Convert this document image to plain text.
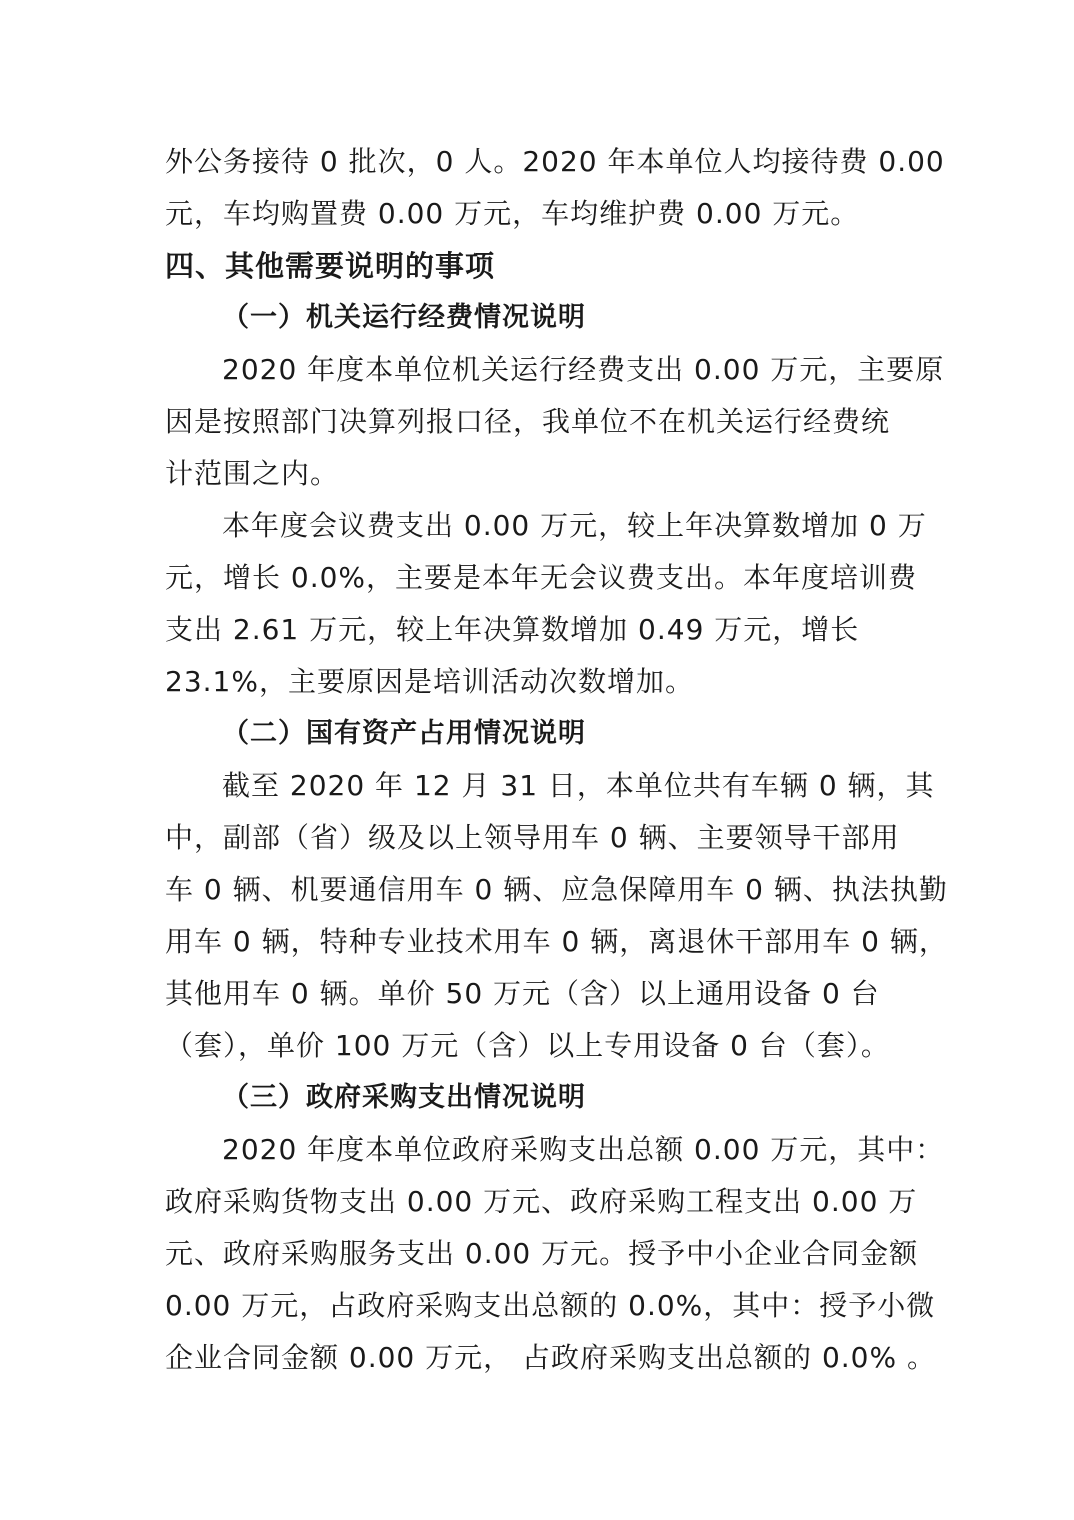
外公务接待 0 批次，0 人。2020 年本单位人均接待费 0.00
元，车均购置费 0.00 万元，车均维护费 0.00 万元。
四、其他需要说明的事项
（一）机关运行经费情况说明
2020 年度本单位机关运行经费支出 0.00 万元，主要原
因是按照部门决算列报口径，我单位不在机关运行经费统
计范围之内。
本年度会议费支出 0.00 万元，较上年决算数增加 0 万
元，增长 0.0%，主要是本年无会议费支出。本年度培训费
支出 2.61 万元，较上年决算数增加 0.49 万元，增长
23.1%，主要原因是培训活动次数增加。
（二）国有资产占用情况说明
截至 2020 年 12 月 31 日，本单位共有车辆 0 辆，其
中，副部（省）级及以上领导用车 0 辆、主要领导干部用
车 0 辆、机要通信用车 0 辆、应急保障用车 0 辆、执法执勤
用车 0 辆，特种专业技术用车 0 辆，离退休干部用车 0 辆，
其他用车 0 辆。单价 50 万元（含）以上通用设备 0 台
（套），单价 100 万元（含）以上专用设备 0 台（套）。
（三）政府采购支出情况说明
2020 年度本单位政府采购支出总额 0.00 万元，其中：
政府采购货物支出 0.00 万元、政府采购工程支出 0.00 万
元、政府采购服务支出 0.00 万元。授予中小企业合同金额
0.00 万元，占政府采购支出总额的 0.0%，其中：授予小微
企业合同金额 0.00 万元， 占政府采购支出总额的 0.0% 。
